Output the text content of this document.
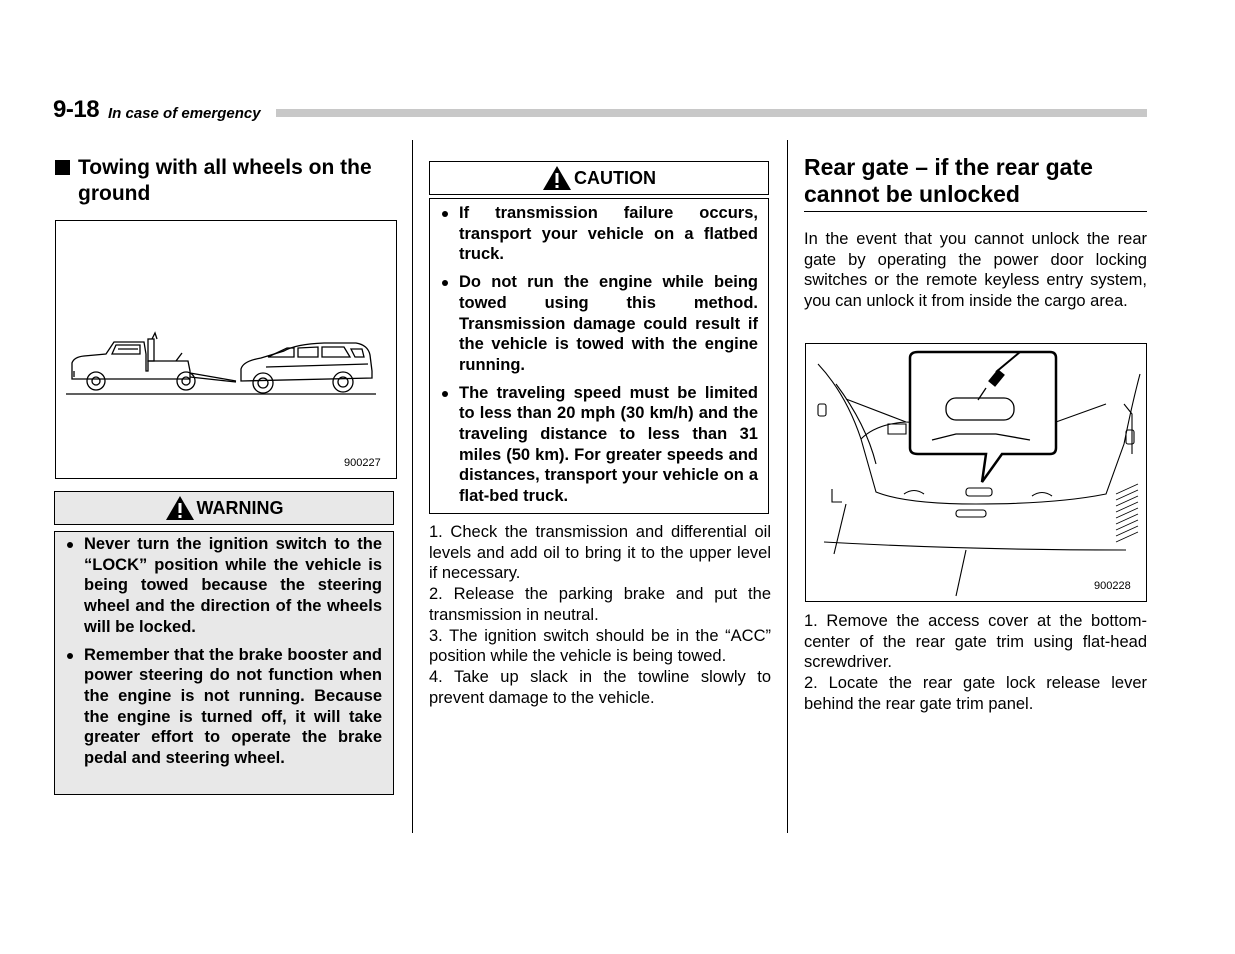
9-18 In case of emergency
Towing with all wheels on the ground
900227
WARNING
Never turn the ignition switch to the “LOCK” position while the vehicle is being towed because the steering wheel and the direction of the wheels will be locked.
Remember that the brake booster and power steering do not function when the engine is not running. Because the engine is turned off, it will take greater effort to operate the brake pedal and steering wheel.
CAUTION
If transmission failure occurs, transport your vehicle on a flatbed truck.
Do not run the engine while being towed using this method. Transmission damage could result if the vehicle is towed with the engine running.
The traveling speed must be limited to less than 20 mph (30 km/h) and the traveling distance to less than 31 miles (50 km). For greater speeds and distances, transport your vehicle on a flat-bed truck.

1. Check the transmission and differential oil levels and add oil to bring it to the upper level if necessary.

2. Release the parking brake and put the transmission in neutral.

3. The ignition switch should be in the “ACC” position while the vehicle is being towed.

4. Take up slack in the towline slowly to prevent damage to the vehicle.

Rear gate – if the rear gate cannot be unlocked
In the event that you cannot unlock the rear gate by operating the power door locking switches or the remote keyless entry system, you can unlock it from inside the cargo area.
900228

1. Remove the access cover at the bottom-center of the rear gate trim using flat-head screwdriver.

2. Locate the rear gate lock release lever behind the rear gate trim panel.
